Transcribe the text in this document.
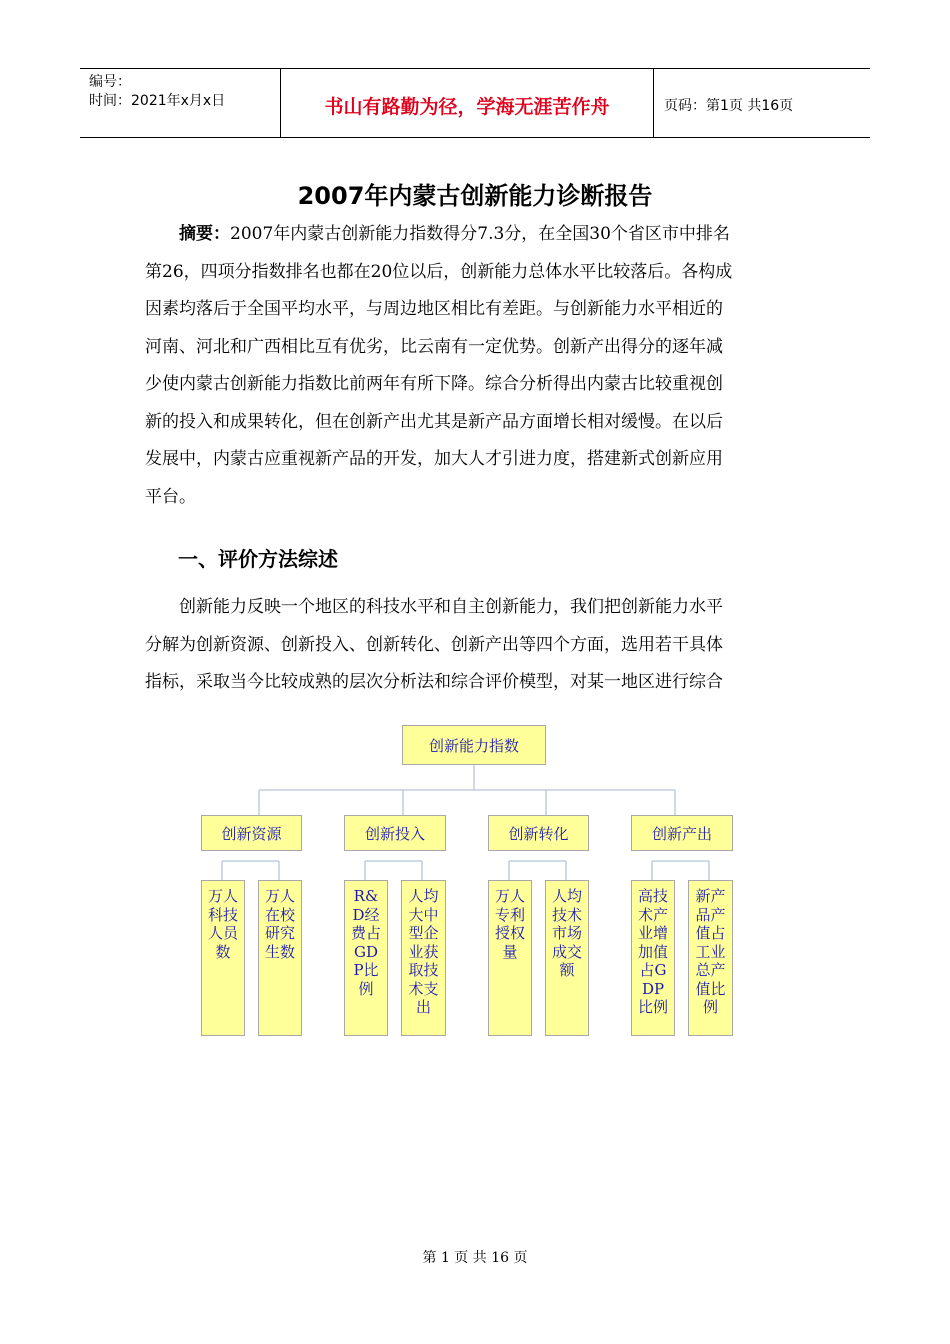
编号：
时间：2021年x月x日	书山有路勤为径，学海无涯苦作舟	页码：第1页 共16页
2007年内蒙古创新能力诊断报告
摘要：2007年内蒙古创新能力指数得分7.3分，在全国30个省区市中排名
第26，四项分指数排名也都在20位以后，创新能力总体水平比较落后。各构成
因素均落后于全国平均水平，与周边地区相比有差距。与创新能力水平相近的
河南、河北和广西相比互有优劣，比云南有一定优势。创新产出得分的逐年减
少使内蒙古创新能力指数比前两年有所下降。综合分析得出内蒙古比较重视创
新的投入和成果转化，但在创新产出尤其是新产品方面增长相对缓慢。在以后
发展中，内蒙古应重视新产品的开发，加大人才引进力度，搭建新式创新应用
平台。
一、评价方法综述
创新能力反映一个地区的科技水平和自主创新能力，我们把创新能力水平
分解为创新资源、创新投入、创新转化、创新产出等四个方面，选用若干具体
指标，采取当今比较成熟的层次分析法和综合评价模型，对某一地区进行综合
创新能力指数
创新资源	创新投入	创新转化	创新产出
万人科技人员数
万人在校研究生数
R&D经费占GDP比例
人均大中型企业获取技术支出
万人专利授权量
人均技术市场成交额
高技术产业增加值占GDP比例
新产品产值占工业总产值比例
第 1 页 共 16 页
